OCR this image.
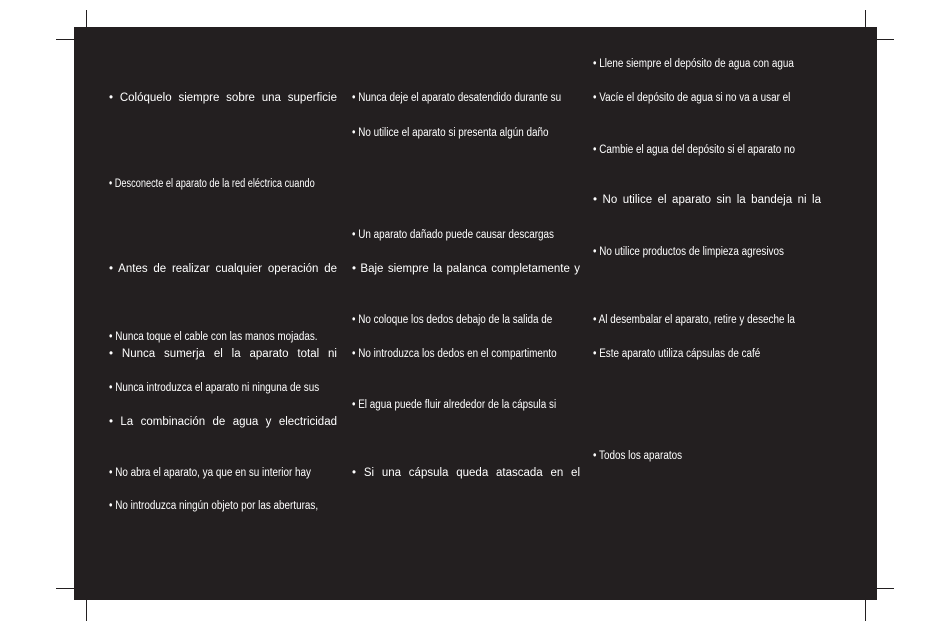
• Colóquelo siempre sobre una superficie
• Desconecte el aparato de la red eléctrica cuando
• Antes de realizar cualquier operación de
• Nunca toque el cable con las manos mojadas.
• Nunca sumerja el la aparato total ni
• Nunca introduzca el aparato ni ninguna de sus
• La combinación de agua y electricidad
• No abra el aparato, ya que en su interior hay
• No introduzca ningún objeto por las aberturas,
• Nunca deje el aparato desatendido durante su
• No utilice el aparato si presenta algún daño
• Un aparato dañado puede causar descargas
• Baje siempre la palanca completamente y
• No coloque los dedos debajo de la salida de
• No introduzca los dedos en el compartimento
• El agua puede fluir alrededor de la cápsula si
• Si una cápsula queda atascada en el
• Llene siempre el depósito de agua con agua
• Vacíe el depósito de agua si no va a usar el
• Cambie el agua del depósito si el aparato no
• No utilice el aparato sin la bandeja ni la
• No utilice productos de limpieza agresivos
• Al desembalar el aparato, retire y deseche la
• Este aparato utiliza cápsulas de café
• Todos los aparatos
